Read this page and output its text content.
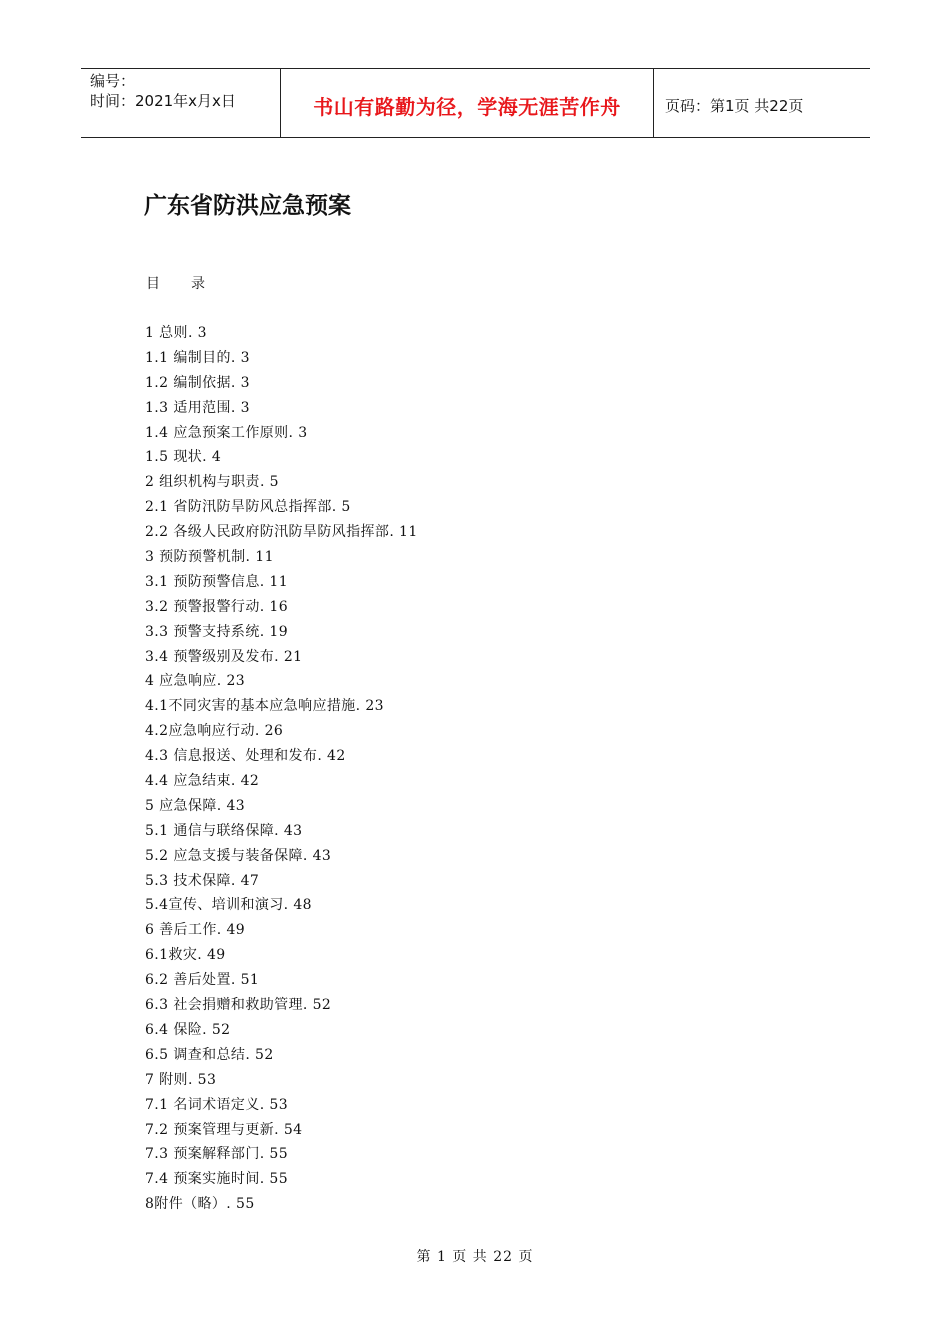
编号：
时间：2021年x月x日	书山有路勤为径，学海无涯苦作舟	页码：第1页 共22页
广东省防洪应急预案
目 录
1 总则. 3
1.1 编制目的. 3
1.2 编制依据. 3
1.3 适用范围. 3
1.4 应急预案工作原则. 3
1.5 现状. 4
2 组织机构与职责. 5
2.1 省防汛防旱防风总指挥部. 5
2.2 各级人民政府防汛防旱防风指挥部. 11
3 预防预警机制. 11
3.1 预防预警信息. 11
3.2 预警报警行动. 16
3.3 预警支持系统. 19
3.4 预警级别及发布. 21
4 应急响应. 23
4.1不同灾害的基本应急响应措施. 23
4.2应急响应行动. 26
4.3 信息报送、处理和发布. 42
4.4 应急结束. 42
5 应急保障. 43
5.1 通信与联络保障. 43
5.2 应急支援与装备保障. 43
5.3 技术保障. 47
5.4宣传、培训和演习. 48
6 善后工作. 49
6.1救灾. 49
6.2 善后处置. 51
6.3 社会捐赠和救助管理. 52
6.4 保险. 52
6.5 调查和总结. 52
7 附则. 53
7.1 名词术语定义. 53
7.2 预案管理与更新. 54
7.3 预案解释部门. 55
7.4 预案实施时间. 55
8附件（略）. 55
第 1 页 共 22 页
